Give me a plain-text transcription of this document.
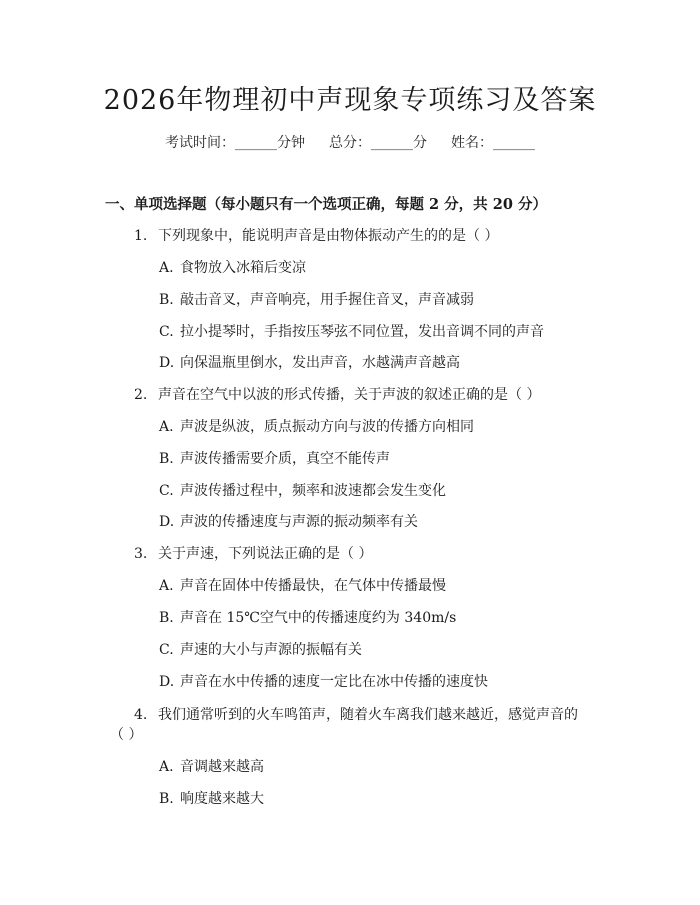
2026年物理初中声现象专项练习及答案
考试时间：______分钟 总分：______分 姓名：______
一、单项选择题（每小题只有一个选项正确，每题 2 分，共 20 分）
1. 下列现象中，能说明声音是由物体振动产生的的是（ ）
A. 食物放入冰箱后变凉
B. 敲击音叉，声音响亮，用手握住音叉，声音减弱
C. 拉小提琴时，手指按压琴弦不同位置，发出音调不同的声音
D. 向保温瓶里倒水，发出声音，水越满声音越高
2. 声音在空气中以波的形式传播，关于声波的叙述正确的是（ ）
A. 声波是纵波，质点振动方向与波的传播方向相同
B. 声波传播需要介质，真空不能传声
C. 声波传播过程中，频率和波速都会发生变化
D. 声波的传播速度与声源的振动频率有关
3. 关于声速，下列说法正确的是（ ）
A. 声音在固体中传播最快，在气体中传播最慢
B. 声音在 15℃空气中的传播速度约为 340m/s
C. 声速的大小与声源的振幅有关
D. 声音在水中传播的速度一定比在冰中传播的速度快
4. 我们通常听到的火车鸣笛声，随着火车离我们越来越近，感觉声音的
（ ）
A. 音调越来越高
B. 响度越来越大
